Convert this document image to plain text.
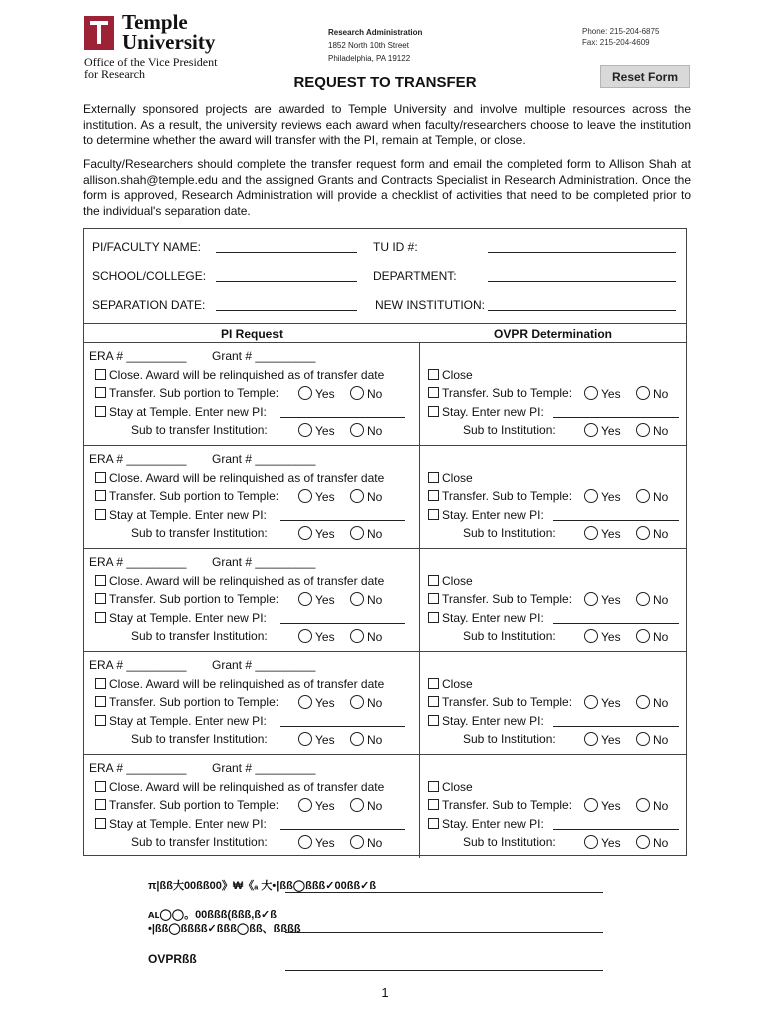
Temple
University
Office of the Vice President
for Research
Research Administration
1852 North 10th Street
Philadelphia, PA 19122
Phone: 215-204-6875
Fax: 215-204-4609
Reset Form
REQUEST TO TRANSFER
Externally sponsored projects are awarded to Temple University and involve multiple resources across the institution. As a result, the university reviews each award when faculty/researchers choose to leave the institution to determine whether the award will transfer with the PI, remain at Temple, or close.
Faculty/Researchers should complete the transfer request form and email the completed form to Allison Shah at allison.shah@temple.edu and the assigned Grants and Contracts Specialist in Research Administration. Once the form is approved, Research Administration will provide a checklist of activities that need to be completed prior to the individual's separation date.
PI/FACULTY NAME:	TU ID #:
SCHOOL/COLLEGE:	DEPARTMENT:
SEPARATION DATE:	NEW INSTITUTION:
PI Request	OVPR Determination
ERA # _________ Grant # _________
Close. Award will be relinquished as of transfer date
Transfer. Sub portion to Temple:	Yes	No
Stay at Temple. Enter new PI:
Sub to transfer Institution:	Yes	No
Close
Transfer. Sub to Temple:	Yes	No
Stay. Enter new PI:
Sub to Institution:	Yes	No
ERA # _________ Grant # _________
Close. Award will be relinquished as of transfer date
Transfer. Sub portion to Temple:	Yes	No
Stay at Temple. Enter new PI:
Sub to transfer Institution:	Yes	No
Close
Transfer. Sub to Temple:	Yes	No
Stay. Enter new PI:
Sub to Institution:	Yes	No
ERA # _________ Grant # _________
Close. Award will be relinquished as of transfer date
Transfer. Sub portion to Temple:	Yes	No
Stay at Temple. Enter new PI:
Sub to transfer Institution:	Yes	No
Close
Transfer. Sub to Temple:	Yes	No
Stay. Enter new PI:
Sub to Institution:	Yes	No
ERA # _________ Grant # _________
Close. Award will be relinquished as of transfer date
Transfer. Sub portion to Temple:	Yes	No
Stay at Temple. Enter new PI:
Sub to transfer Institution:	Yes	No
Close
Transfer. Sub to Temple:	Yes	No
Stay. Enter new PI:
Sub to Institution:	Yes	No
ERA # _________ Grant # _________
Close. Award will be relinquished as of transfer date
Transfer. Sub portion to Temple:	Yes	No
Stay at Temple. Enter new PI:
Sub to transfer Institution:	Yes	No
Close
Transfer. Sub to Temple:	Yes	No
Stay. Enter new PI:
Sub to Institution:	Yes	No
π|ßß大00ßß00》₩《ₐ 大•|ßß◯ßßß✓00ßß✓ß
ᴀʟ◯◯。00ßßß(ßßß,ß✓ß
•|ßß◯ßßßß✓ßßß◯ßß、ßßßß
OVPRßß
1
